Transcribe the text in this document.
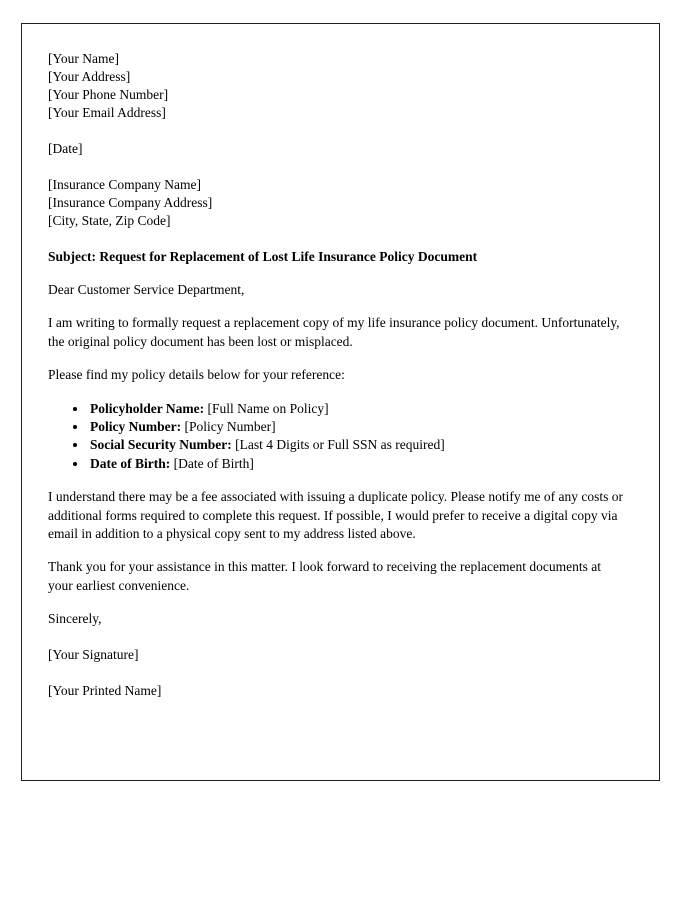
[Your Name]
[Your Address]
[Your Phone Number]
[Your Email Address]
[Date]
[Insurance Company Name]
[Insurance Company Address]
[City, State, Zip Code]
Subject: Request for Replacement of Lost Life Insurance Policy Document

Dear Customer Service Department,

I am writing to formally request a replacement copy of my life insurance policy document. Unfortunately, the original policy document has been lost or misplaced.

Please find my policy details below for your reference:

• Policyholder Name: [Full Name on Policy]
• Policy Number: [Policy Number]
• Social Security Number: [Last 4 Digits or Full SSN as required]
• Date of Birth: [Date of Birth]

I understand there may be a fee associated with issuing a duplicate policy. Please notify me of any costs or additional forms required to complete this request. If possible, I would prefer to receive a digital copy via email in addition to a physical copy sent to my address listed above.

Thank you for your assistance in this matter. I look forward to receiving the replacement documents at your earliest convenience.

Sincerely,
[Your Signature]
[Your Printed Name]
